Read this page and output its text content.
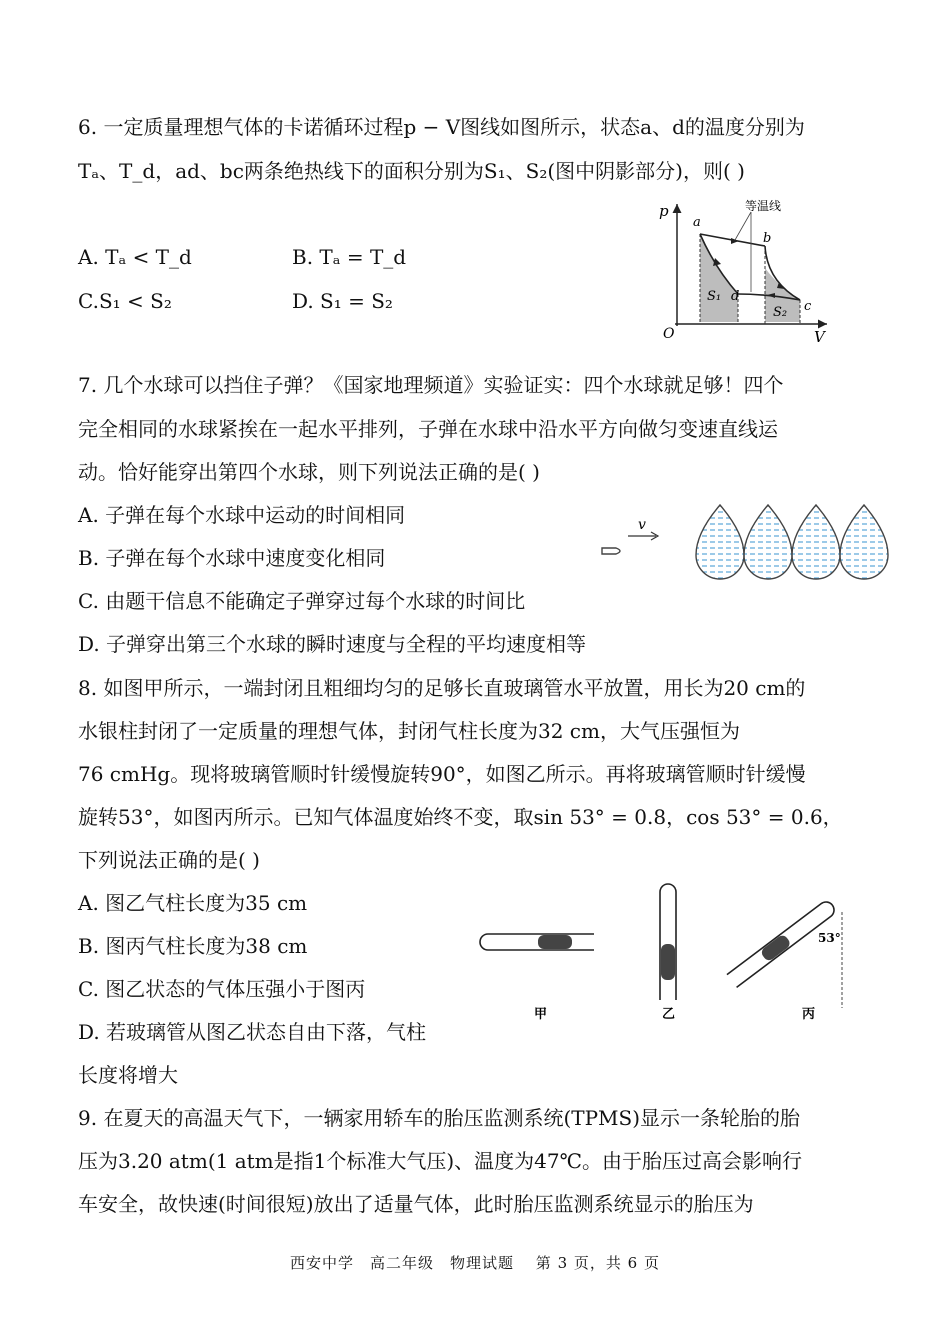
6. 一定质量理想气体的卡诺循环过程p − V图线如图所示，状态a、d的温度分别为
Tₐ、T_d，ad、bc两条绝热线下的面积分别为S₁、S₂(图中阴影部分)，则( )
A. Tₐ < T_d	B. Tₐ = T_d
C.S₁ < S₂	D. S₁ = S₂
p
V
O
等温线
a
b
c
d
S₁
S₂
7. 几个水球可以挡住子弹？《国家地理频道》实验证实：四个水球就足够！四个
完全相同的水球紧挨在一起水平排列，子弹在水球中沿水平方向做匀变速直线运
动。恰好能穿出第四个水球，则下列说法正确的是( )
A. 子弹在每个水球中运动的时间相同
B. 子弹在每个水球中速度变化相同
C. 由题干信息不能确定子弹穿过每个水球的时间比
D. 子弹穿出第三个水球的瞬时速度与全程的平均速度相等
v
8. 如图甲所示，一端封闭且粗细均匀的足够长直玻璃管水平放置，用长为20 cm的
水银柱封闭了一定质量的理想气体，封闭气柱长度为32 cm，大气压强恒为
76 cmHg。现将玻璃管顺时针缓慢旋转90°，如图乙所示。再将玻璃管顺时针缓慢
旋转53°，如图丙所示。已知气体温度始终不变，取sin 53° = 0.8，cos 53° = 0.6，
下列说法正确的是( )
A. 图乙气柱长度为35 cm
B. 图丙气柱长度为38 cm
C. 图乙状态的气体压强小于图丙
D. 若玻璃管从图乙状态自由下落，气柱
长度将增大
53°
甲	乙	丙
9. 在夏天的高温天气下，一辆家用轿车的胎压监测系统(TPMS)显示一条轮胎的胎
压为3.20 atm(1 atm是指1个标准大气压)、温度为47℃。由于胎压过高会影响行
车安全，故快速(时间很短)放出了适量气体，此时胎压监测系统显示的胎压为
西安中学　高二年级　物理试题　 第 3 页，共 6 页
